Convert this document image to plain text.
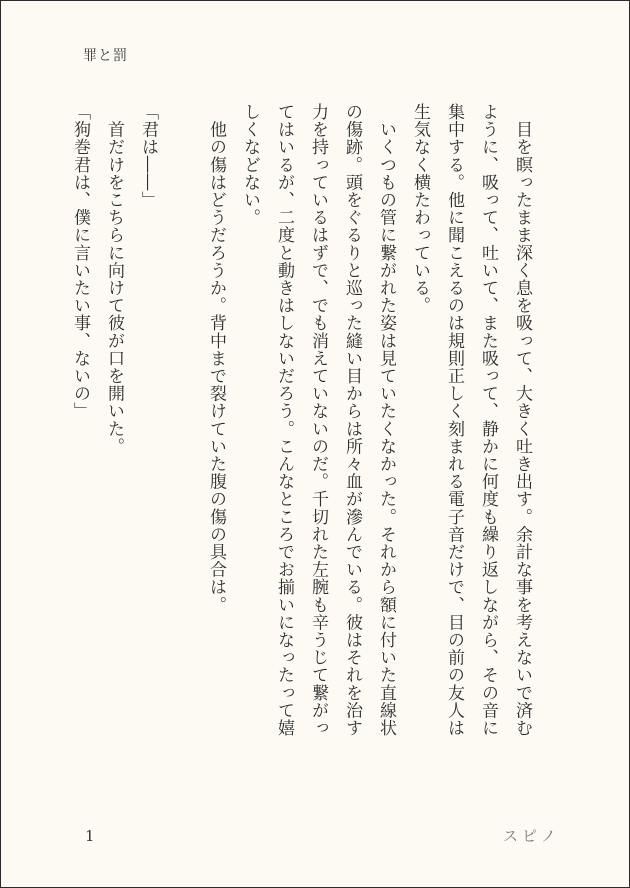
罪と罰

　目を瞑ったまま深く息を吸って、大きく吐き出す。余計な事を考えないで済む

ように、吸って、吐いて、また吸って、静かに何度も繰り返しながら、その音に

集中する。他に聞こえるのは規則正しく刻まれる電子音だけで、目の前の友人は

生気なく横たわっている。

　いくつもの管に繋がれた姿は見ていたくなかった。それから額に付いた直線状

の傷跡。頭をぐるりと巡った縫い目からは所々血が滲んでいる。彼はそれを治す

力を持っているはずで、でも消えていないのだ。千切れた左腕も辛うじて繋がっ

てはいるが、二度と動きはしないだろう。こんなところでお揃いになったって嬉

しくなどない。

　他の傷はどうだろうか。背中まで裂けていた腹の傷の具合は。

「君は――」

　首だけをこちらに向けて彼が口を開いた。

「狗巻君は、僕に言いたい事、ないの」

1	スピノ
